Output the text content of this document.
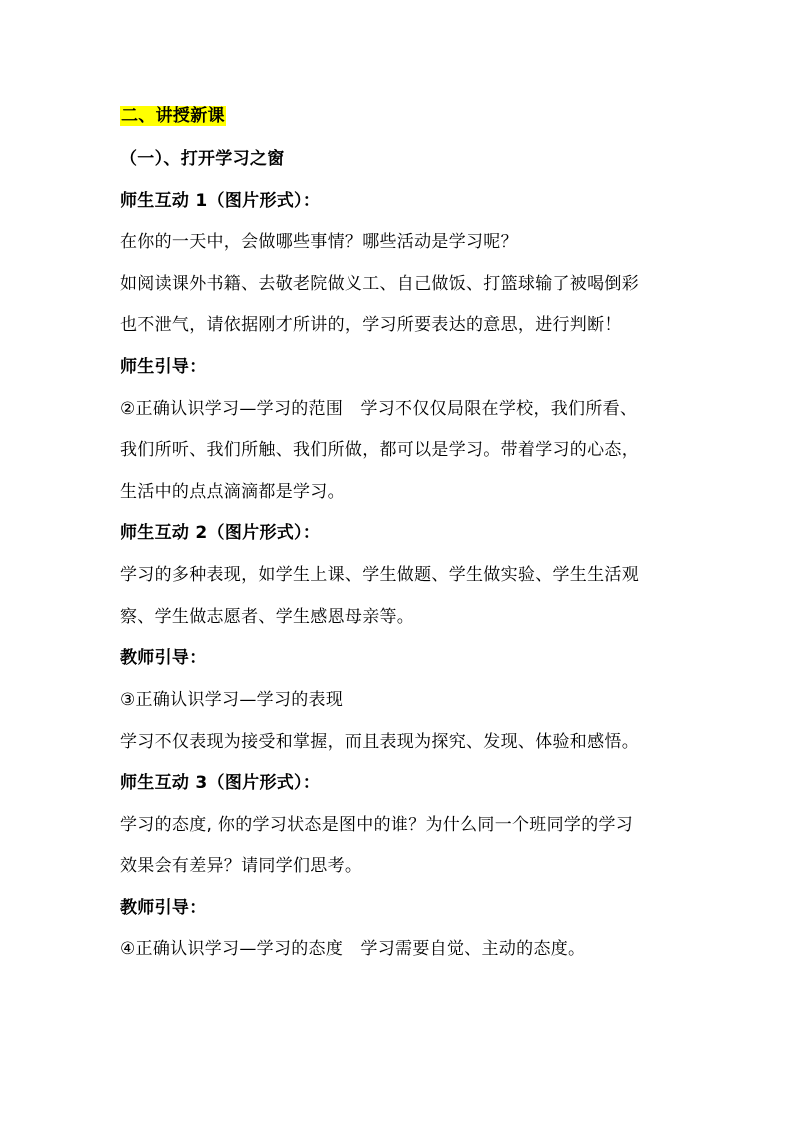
二、讲授新课
（一）、打开学习之窗
师生互动 1（图片形式）：
在你的一天中，会做哪些事情？哪些活动是学习呢？
如阅读课外书籍、去敬老院做义工、自己做饭、打篮球输了被喝倒彩
也不泄气，请依据刚才所讲的，学习所要表达的意思，进行判断！
师生引导：
②正确认识学习—学习的范围　学习不仅仅局限在学校，我们所看、
我们所听、我们所触、我们所做，都可以是学习。带着学习的心态，
生活中的点点滴滴都是学习。
师生互动 2（图片形式）：
学习的多种表现，如学生上课、学生做题、学生做实验、学生生活观
察、学生做志愿者、学生感恩母亲等。
教师引导：
③正确认识学习—学习的表现
学习不仅表现为接受和掌握，而且表现为探究、发现、体验和感悟。
师生互动 3（图片形式）：
学习的态度, 你的学习状态是图中的谁？为什么同一个班同学的学习
效果会有差异？请同学们思考。
教师引导：
④正确认识学习—学习的态度　学习需要自觉、主动的态度。
